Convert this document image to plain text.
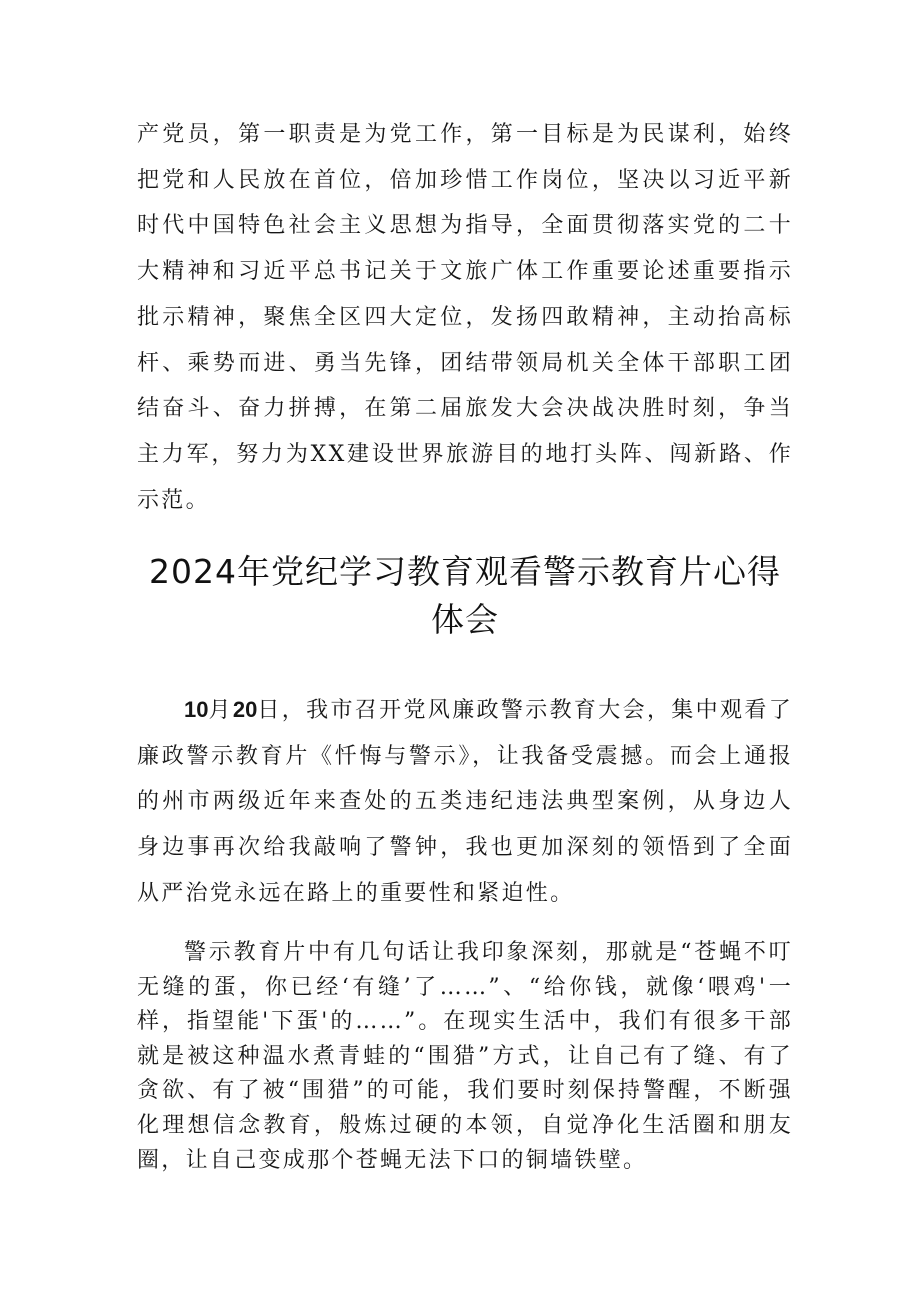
产党员，第一职责是为党工作，第一目标是为民谋利，始终把党和人民放在首位，倍加珍惜工作岗位，坚决以习近平新时代中国特色社会主义思想为指导，全面贯彻落实党的二十大精神和习近平总书记关于文旅广体工作重要论述重要指示批示精神，聚焦全区四大定位，发扬四敢精神，主动抬高标杆、乘势而进、勇当先锋，团结带领局机关全体干部职工团结奋斗、奋力拼搏，在第二届旅发大会决战决胜时刻，争当主力军，努力为XX建设世界旅游目的地打头阵、闯新路、作示范。

2024年党纪学习教育观看警示教育片心得
体会

10月20日，我市召开党风廉政警示教育大会，集中观看了廉政警示教育片《忏悔与警示》，让我备受震撼。而会上通报的州市两级近年来查处的五类违纪违法典型案例，从身边人身边事再次给我敲响了警钟，我也更加深刻的领悟到了全面从严治党永远在路上的重要性和紧迫性。

警示教育片中有几句话让我印象深刻，那就是“苍蝇不叮无缝的蛋，你已经‘有缝’了……”、“给你钱，就像‘喂鸡'一样，指望能'下蛋'的……”。在现实生活中，我们有很多干部就是被这种温水煮青蛙的“围猎”方式，让自己有了缝、有了贪欲、有了被“围猎”的可能，我们要时刻保持警醒，不断强化理想信念教育，般炼过硬的本领，自觉净化生活圈和朋友圈，让自己变成那个苍蝇无法下口的铜墙铁壁。
